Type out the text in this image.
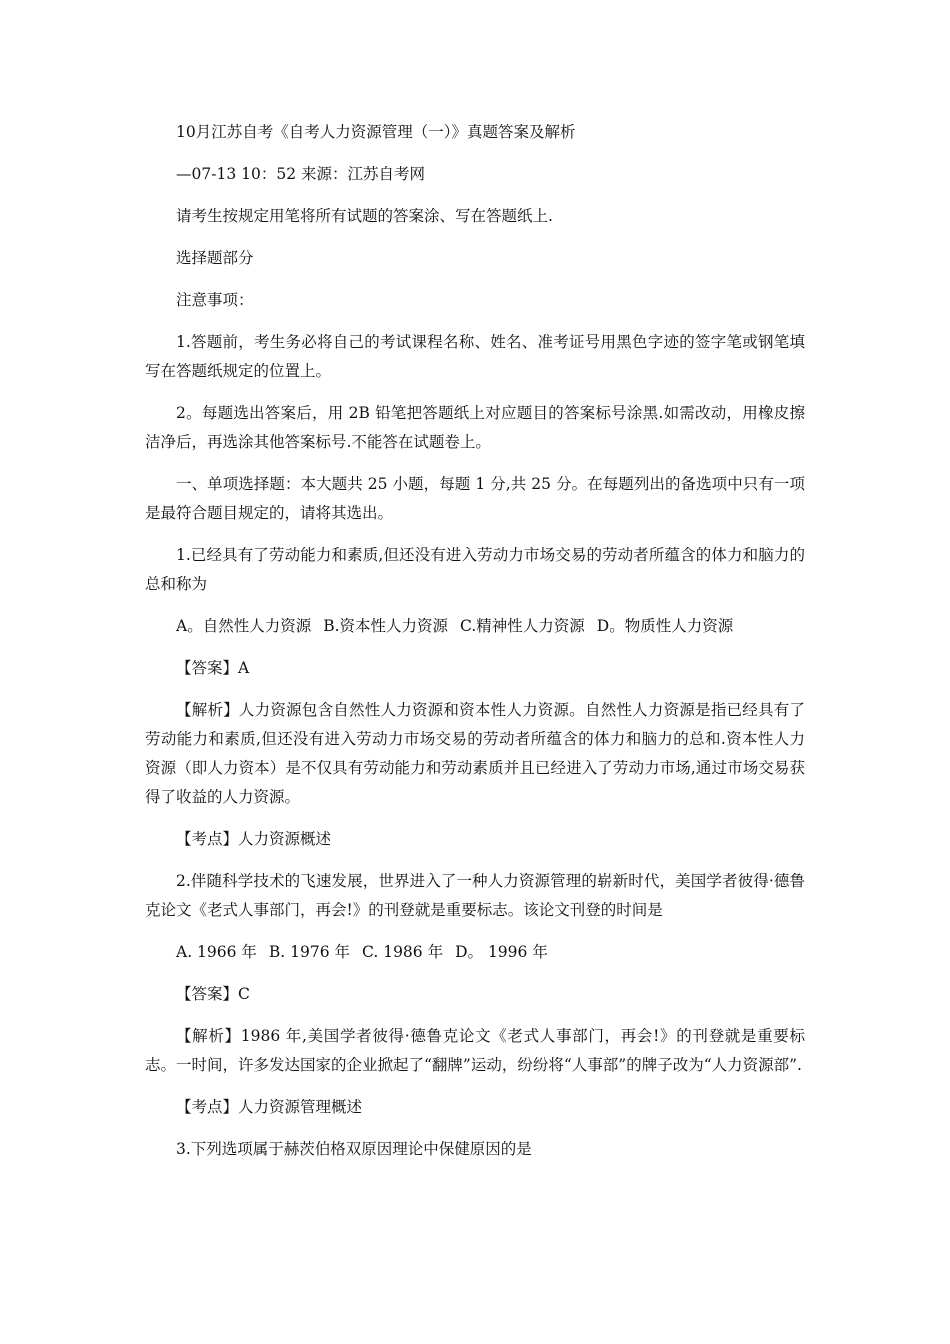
10月江苏自考《自考人力资源管理（一）》真题答案及解析

—07-13 10：52 来源：江苏自考网

请考生按规定用笔将所有试题的答案涂、写在答题纸上.

选择题部分

注意事项：

1.答题前，考生务必将自己的考试课程名称、姓名、准考证号用黑色字迹的签字笔或钢笔填写在答题纸规定的位置上。

2。每题选出答案后，用 2B 铅笔把答题纸上对应题目的答案标号涂黑.如需改动，用橡皮擦洁净后，再选涂其他答案标号.不能答在试题卷上。

一、单项选择题：本大题共 25 小题，每题 1 分,共 25 分。在每题列出的备选项中只有一项是最符合题目规定的，请将其选出。

1.已经具有了劳动能力和素质,但还没有进入劳动力市场交易的劳动者所蕴含的体力和脑力的总和称为

A。自然性人力资源 B.资本性人力资源 C.精神性人力资源 D。物质性人力资源

【答案】A

【解析】人力资源包含自然性人力资源和资本性人力资源。自然性人力资源是指已经具有了劳动能力和素质,但还没有进入劳动力市场交易的劳动者所蕴含的体力和脑力的总和.资本性人力资源（即人力资本）是不仅具有劳动能力和劳动素质并且已经进入了劳动力市场,通过市场交易获得了收益的人力资源。

【考点】人力资源概述

2.伴随科学技术的飞速发展，世界进入了一种人力资源管理的崭新时代，美国学者彼得·德鲁克论文《老式人事部门，再会!》的刊登就是重要标志。该论文刊登的时间是

A. 1966 年 B. 1976 年 C. 1986 年 D。 1996 年

【答案】C

【解析】1986 年,美国学者彼得·德鲁克论文《老式人事部门，再会!》的刊登就是重要标志。一时间，许多发达国家的企业掀起了“翻牌”运动，纷纷将“人事部”的牌子改为“人力资源部”.

【考点】人力资源管理概述

3.下列选项属于赫茨伯格双原因理论中保健原因的是
